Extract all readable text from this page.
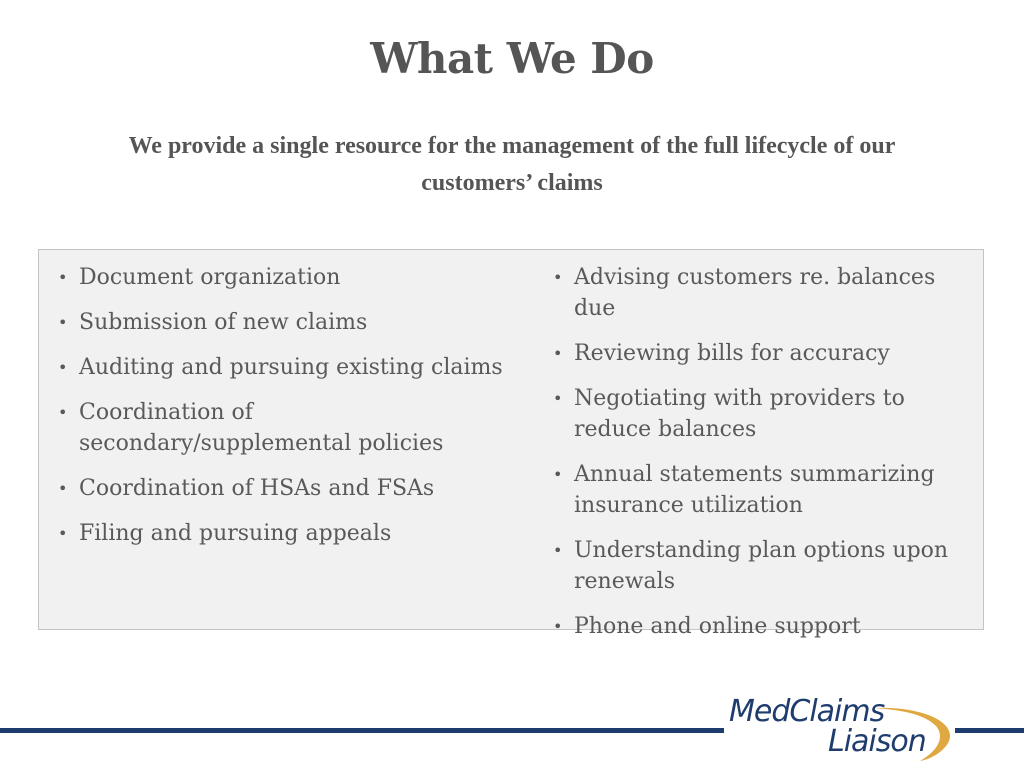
What We Do
We provide a single resource for the management of the full lifecycle of our customers’ claims
• Document organization
• Submission of new claims
• Auditing and pursuing existing claims
• Coordination of secondary/supplemental policies
• Coordination of HSAs and FSAs
• Filing and pursuing appeals
• Advising customers re. balances due
• Reviewing bills for accuracy
• Negotiating with providers to reduce balances
• Annual statements summarizing insurance utilization
• Understanding plan options upon renewals
• Phone and online support
MedClaims
Liaison
